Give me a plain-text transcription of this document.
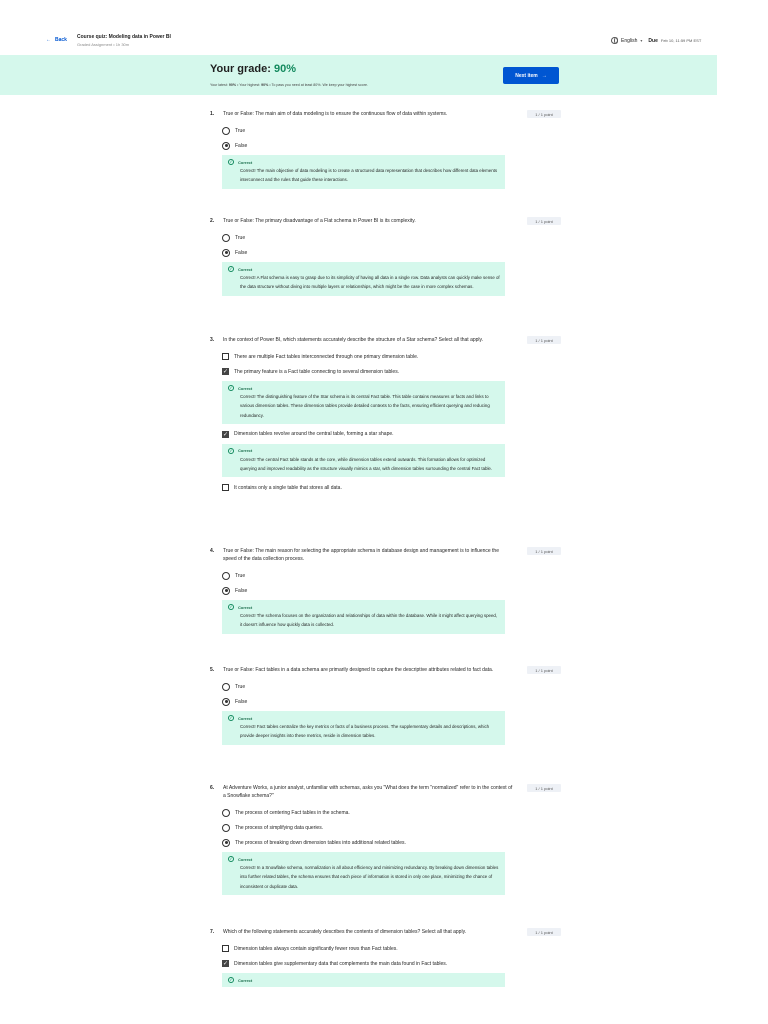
← Back Course quiz: Modeling data in Power BI
Graded Assignment • 1h 30m
English ▾ Due Feb 10, 11:59 PM EST
Your grade: 90%
Your latest: 90% • Your highest: 90% • To pass you need at least 80%. We keep your highest score.
Next item →
1.	True or False: The main aim of data modeling is to ensure the continuous flow of data within systems.	1 / 1 point
True
False
✓	Correct
Correct! The main objective of data modeling is to create a structured data representation that describes how different data elements interconnect and the rules that guide these interactions.
2.	True or False: The primary disadvantage of a Flat schema in Power BI is its complexity.	1 / 1 point
True
False
✓	Correct
Correct! A Flat schema is easy to grasp due to its simplicity of having all data in a single row. Data analysts can quickly make sense of the data structure without diving into multiple layers or relationships, which might be the case in more complex schemas.
3.	In the context of Power BI, which statements accurately describe the structure of a Star schema? Select all that apply.	1 / 1 point
There are multiple Fact tables interconnected through one primary dimension table.
✓ The primary feature is a Fact table connecting to several dimension tables.
✓	Correct
Correct! The distinguishing feature of the Star schema is its central Fact table. This table contains measures or facts and links to various dimension tables. These dimension tables provide detailed contexts to the facts, ensuring efficient querying and reducing redundancy.
✓ Dimension tables revolve around the central table, forming a star shape.
✓	Correct
Correct! The central Fact table stands at the core, while dimension tables extend outwards. This formation allows for optimized querying and improved readability as the structure visually mimics a star, with dimension tables surrounding the central Fact table.
It contains only a single table that stores all data.
4.	True or False: The main reason for selecting the appropriate schema in database design and management is to influence the speed of the data collection process.
1 / 1 point
True
False
✓	Correct
Correct! The schema focuses on the organization and relationships of data within the database. While it might affect querying speed, it doesn't influence how quickly data is collected.
5.	True or False: Fact tables in a data schema are primarily designed to capture the descriptive attributes related to fact data.	1 / 1 point
True
False
✓	Correct
Correct! Fact tables centralize the key metrics or facts of a business process. The supplementary details and descriptions, which provide deeper insights into these metrics, reside in dimension tables.
6.	At Adventure Works, a junior analyst, unfamiliar with schemas, asks you "What does the term "normalized" refer to in the context of a Snowflake schema?"
1 / 1 point
The process of centering Fact tables in the schema.
The process of simplifying data queries.
The process of breaking down dimension tables into additional related tables.
✓	Correct
Correct! In a Snowflake schema, normalization is all about efficiency and minimizing redundancy. By breaking down dimension tables into further related tables, the schema ensures that each piece of information is stored in only one place, minimizing the chance of inconsistent or duplicate data.
7.	Which of the following statements accurately describes the contents of dimension tables? Select all that apply.	1 / 1 point
Dimension tables always contain significantly fewer rows than Fact tables.
✓ Dimension tables give supplementary data that complements the main data found in Fact tables.
✓	Correct
